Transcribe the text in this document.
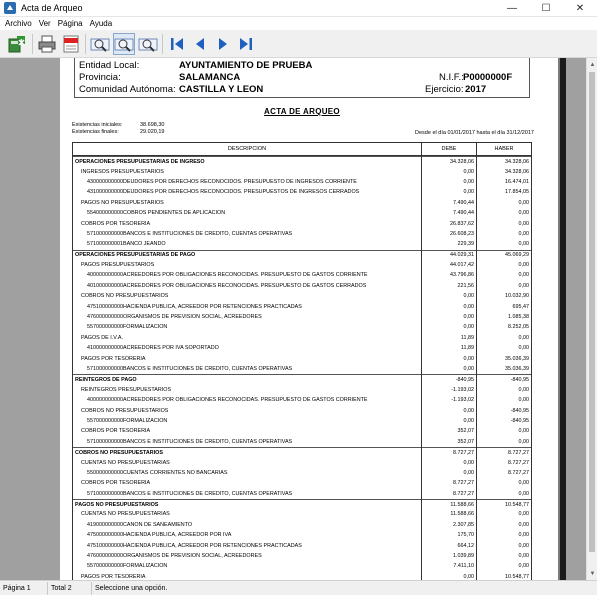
Acta de Arqueo	—	☐	✕
Archivo Ver Página Ayuda
Entidad Local:	AYUNTAMIENTO DE PRUEBA
Provincia:	SALAMANCA
Comunidad Autónoma: CASTILLA Y LEON
N.I.F.: P0000000F
Ejercicio: 2017
ACTA DE ARQUEO
Existencias iniciales:	38.698,30
Existencias finales:	29.020,19	Desde el día 01/01/2017 hasta el día 31/12/2017
DESCRIPCION	DEBE	HABER
OPERACIONES PRESUPUESTARIAS DE INGRESO	34.328,06	34.328,06
INGRESOS PRESUPUESTARIOS	0,00	34.328,06
430000000000DEUDORES POR DERECHOS RECONOCIDOS. PRESUPUESTO DE INGRESOS CORRIENTE	0,00	16.474,01
431000000000DEUDORES POR DERECHOS RECONOCIDOS. PRESUPUESTOS DE INGRESOS CERRADOS	0,00	17.854,05
PAGOS NO PRESUPUESTARIOS	7.490,44	0,00
554000000000COBROS PENDIENTES DE APLICACION	7.490,44	0,00
COBROS POR TESORERIA	26.837,62	0,00
571000000000BANCOS E INSTITUCIONES DE CREDITO, CUENTAS OPERATIVAS	26.608,23	0,00
571000000001BANCO JEANDO	229,39	0,00
OPERACIONES PRESUPUESTARIAS DE PAGO	44.029,31	45.069,29
PAGOS PRESUPUESTARIOS	44.017,42	0,00
400000000000ACREEDORES POR OBLIGACIONES RECONOCIDAS. PRESUPUESTO DE GASTOS CORRIENTE	43.796,86	0,00
401000000000ACREEDORES POR OBLIGACIONES RECONOCIDAS. PRESUPUESTO DE GASTOS CERRADOS	221,56	0,00
COBROS NO PRESUPUESTARIOS	0,00	10.032,90
475100000000HACIENDA PUBLICA, ACREEDOR POR RETENCIONES PRACTICADAS	0,00	695,47
476000000000ORGANISMOS DE PREVISION SOCIAL, ACREEDORES	0,00	1.085,38
557000000000FORMALIZACION	0,00	8.252,05
PAGOS DE I.V.A.	11,89	0,00
410000000000ACREEDORES POR IVA SOPORTADO	11,89	0,00
PAGOS POR TESORERIA	0,00	35.036,39
571000000000BANCOS E INSTITUCIONES DE CREDITO, CUENTAS OPERATIVAS	0,00	35.036,39
REINTEGROS DE PAGO	-840,95	-840,95
REINTEGROS PRESUPUESTARIOS	-1.193,02	0,00
400000000000ACREEDORES POR OBLIGACIONES RECONOCIDAS. PRESUPUESTO DE GASTOS CORRIENTE	-1.193,02	0,00
COBROS NO PRESUPUESTARIOS	0,00	-840,95
557000000000FORMALIZACION	0,00	-840,95
COBROS POR TESORERIA	352,07	0,00
571000000000BANCOS E INSTITUCIONES DE CREDITO, CUENTAS OPERATIVAS	352,07	0,00
COBROS NO PRESUPUESTARIOS	8.727,27	8.727,27
CUENTAS NO PRESUPUESTARIAS	0,00	8.727,27
550000000000CUENTAS CORRIENTES NO BANCARIAS	0,00	8.727,27
COBROS POR TESORERIA	8.727,27	0,00
571000000000BANCOS E INSTITUCIONES DE CREDITO, CUENTAS OPERATIVAS	8.727,27	0,00
PAGOS NO PRESUPUESTARIOS	11.588,66	10.548,77
CUENTAS NO PRESUPUESTARIAS	11.588,66	0,00
419000000000CANON DE SANEAMIENTO	2.307,85	0,00
475000000000HACIENDA PUBLICA, ACREEDOR POR IVA	175,70	0,00
475100000000HACIENDA PUBLICA, ACREEDOR POR RETENCIONES PRACTICADAS	664,12	0,00
476000000000ORGANISMOS DE PREVISION SOCIAL, ACREEDORES	1.039,89	0,00
557000000000FORMALIZACION	7.411,10	0,00
PAGOS POR TESORERIA	0,00	10.548,77
▲
▼
Página 1	Total 2	Seleccione una opción.
